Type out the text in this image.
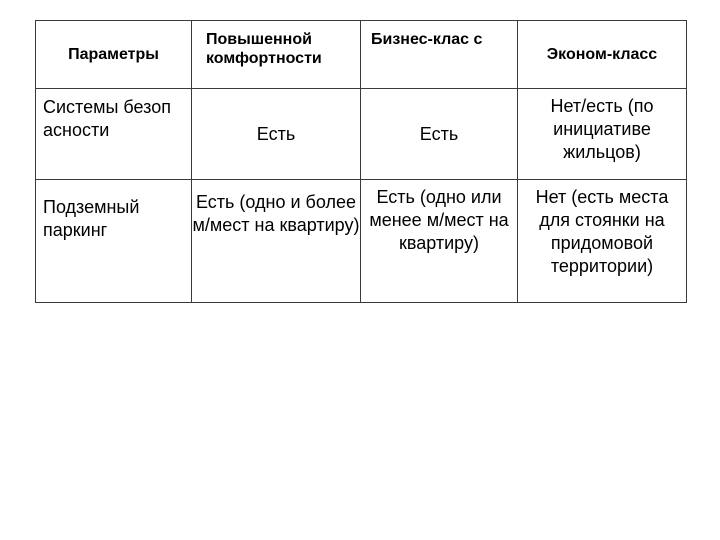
Параметры	Повышенной комфортности	Бизнес-клас с	Эконом-класс
Системы безоп асности	Есть	Есть	Нет/есть (по инициативе жильцов)
Подземный паркинг	Есть (одно и более м/мест на квартиру)	Есть (одно или менее м/мест на квартиру)	Нет (есть места для стоянки на придомовой территории)
